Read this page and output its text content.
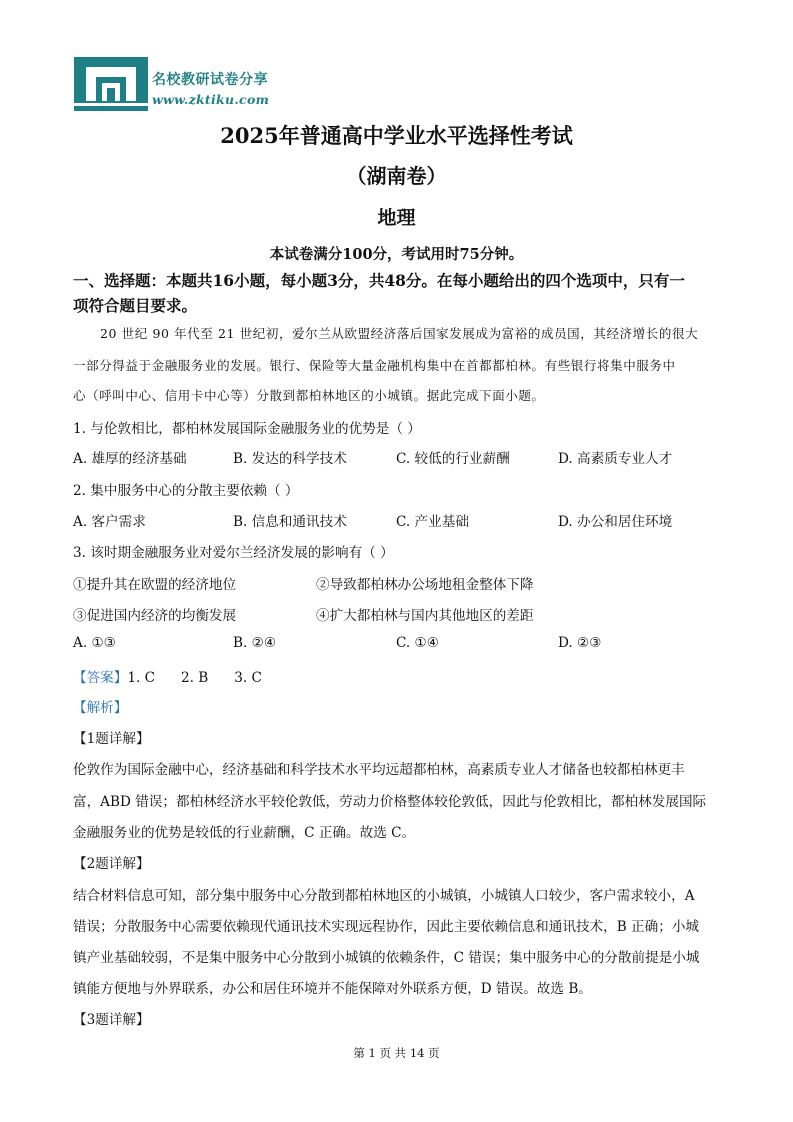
名校教研试卷分享
www.zktiku.com
2025年普通高中学业水平选择性考试
（湖南卷）
地理
本试卷满分100分，考试用时75分钟。
一、选择题：本题共16小题，每小题3分，共48分。在每小题给出的四个选项中，只有一
项符合题目要求。
20 世纪 90 年代至 21 世纪初，爱尔兰从欧盟经济落后国家发展成为富裕的成员国，其经济增长的很大
一部分得益于金融服务业的发展。银行、保险等大量金融机构集中在首都都柏林。有些银行将集中服务中
心（呼叫中心、信用卡中心等）分散到都柏林地区的小城镇。据此完成下面小题。
1. 与伦敦相比，都柏林发展国际金融服务业的优势是（ ）
A. 雄厚的经济基础	B. 发达的科学技术	C. 较低的行业薪酬	D. 高素质专业人才
2. 集中服务中心的分散主要依赖（ ）
A. 客户需求	B. 信息和通讯技术	C. 产业基础	D. 办公和居住环境
3. 该时期金融服务业对爱尔兰经济发展的影响有（ ）
①提升其在欧盟的经济地位	②导致都柏林办公场地租金整体下降
③促进国内经济的均衡发展	④扩大都柏林与国内其他地区的差距
A. ①③	B. ②④	C. ①④	D. ②③
【答案】1. C      2. B      3. C
【解析】
【1题详解】
伦敦作为国际金融中心，经济基础和科学技术水平均远超都柏林，高素质专业人才储备也较都柏林更丰
富，ABD 错误；都柏林经济水平较伦敦低，劳动力价格整体较伦敦低，因此与伦敦相比，都柏林发展国际
金融服务业的优势是较低的行业薪酬，C 正确。故选 C。
【2题详解】
结合材料信息可知，部分集中服务中心分散到都柏林地区的小城镇，小城镇人口较少，客户需求较小，A
错误；分散服务中心需要依赖现代通讯技术实现远程协作，因此主要依赖信息和通讯技术，B 正确；小城
镇产业基础较弱，不是集中服务中心分散到小城镇的依赖条件，C 错误；集中服务中心的分散前提是小城
镇能方便地与外界联系，办公和居住环境并不能保障对外联系方便，D 错误。故选 B。
【3题详解】
第 1 页 共 14 页
